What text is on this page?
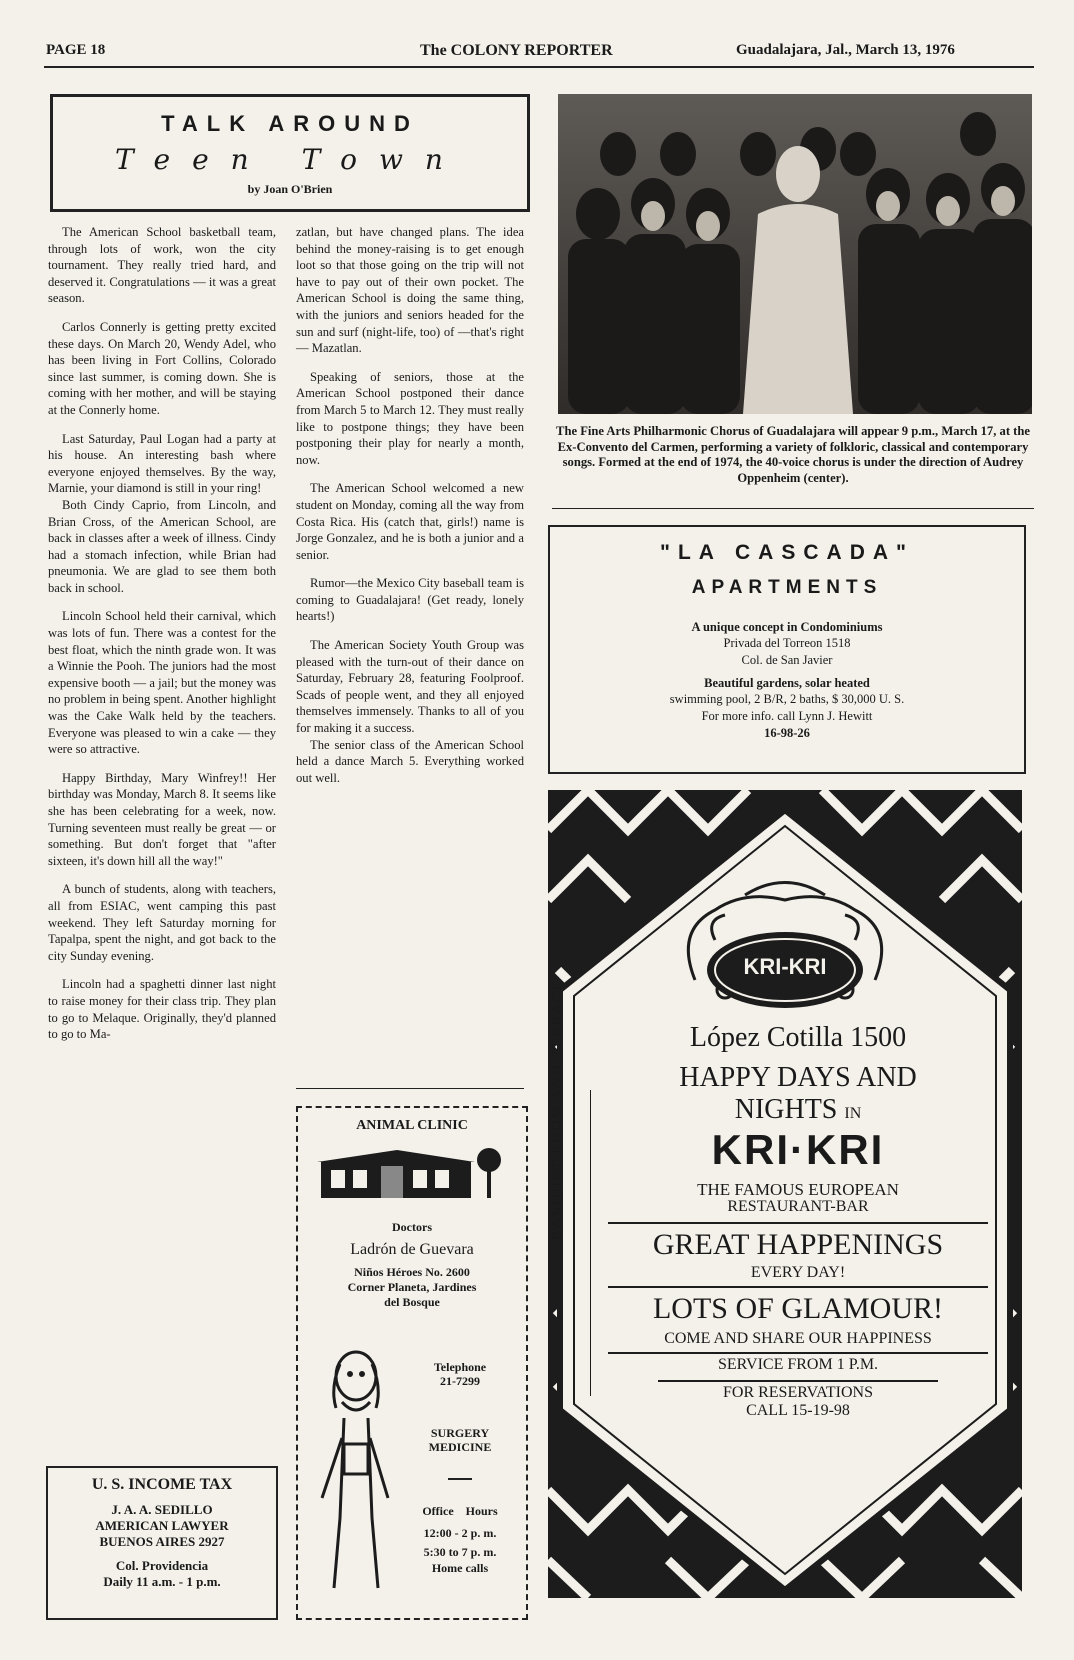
PAGE 18	The COLONY REPORTER	Guadalajara, Jal., March 13, 1976
TALK AROUND
Teen Town
by Joan O'Brien

The American School basketball team, through lots of work, won the city tournament. They really tried hard, and deserved it. Congratulations — it was a great season.

Carlos Connerly is getting pretty excited these days. On March 20, Wendy Adel, who has been living in Fort Collins, Colorado since last summer, is coming down. She is coming with her mother, and will be staying at the Connerly home.

Last Saturday, Paul Logan had a party at his house. An interesting bash where everyone enjoyed themselves. By the way, Marnie, your diamond is still in your ring!

Both Cindy Caprio, from Lincoln, and Brian Cross, of the American School, are back in classes after a week of illness. Cindy had a stomach infection, while Brian had pneumonia. We are glad to see them both back in school.

Lincoln School held their carnival, which was lots of fun. There was a contest for the best float, which the ninth grade won. It was a Winnie the Pooh. The juniors had the most expensive booth — a jail; but the money was no problem in being spent. Another highlight was the Cake Walk held by the teachers. Everyone was pleased to win a cake — they were so attractive.

Happy Birthday, Mary Winfrey!! Her birthday was Monday, March 8. It seems like she has been celebrating for a week, now. Turning seventeen must really be great — or something. But don't forget that "after sixteen, it's down hill all the way!"

A bunch of students, along with teachers, all from ESIAC, went camping this past weekend. They left Saturday morning for Tapalpa, spent the night, and got back to the city Sunday evening.

Lincoln had a spaghetti dinner last night to raise money for their class trip. They plan to go to Melaque. Originally, they'd planned to go to Ma-

zatlan, but have changed plans. The idea behind the money-raising is to get enough loot so that those going on the trip will not have to pay out of their own pocket. The American School is doing the same thing, with the juniors and seniors headed for the sun and surf (night-life, too) of —that's right — Mazatlan.

Speaking of seniors, those at the American School postponed their dance from March 5 to March 12. They must really like to postpone things; they have been postponing their play for nearly a month, now.

The American School welcomed a new student on Monday, coming all the way from Costa Rica. His (catch that, girls!) name is Jorge Gonzalez, and he is both a junior and a senior.

Rumor—the Mexico City baseball team is coming to Guadalajara! (Get ready, lonely hearts!)

The American Society Youth Group was pleased with the turn-out of their dance on Saturday, February 28, featuring Foolproof. Scads of people went, and they all enjoyed themselves immensely. Thanks to all of you for making it a success.

The senior class of the American School held a dance March 5. Everything worked out well.

The Fine Arts Philharmonic Chorus of Guadalajara will appear 9 p.m., March 17, at the Ex-Convento del Carmen, performing a variety of folkloric, classical and contemporary songs. Formed at the end of 1974, the 40-voice chorus is under the direction of Audrey Oppenheim (center).
"LA CASCADA"
APARTMENTS
A unique concept in Condominiums
Privada del Torreon 1518
Col. de San Javier
Beautiful gardens, solar heated
swimming pool, 2 B/R, 2 baths, $ 30,000 U. S.
For more info. call Lynn J. Hewitt
16-98-26
KRI-KRI
BANQUET ROOM AND TERRACE	López Cotilla 1500
HAPPY DAYS AND
NIGHTS IN
KRI·KRI
THE FAMOUS EUROPEAN
RESTAURANT-BAR
GREAT HAPPENINGS
EVERY DAY!
LOTS OF GLAMOUR!
COME AND SHARE OUR HAPPINESS
SERVICE FROM 1 P.M.
FOR RESERVATIONS
CALL 15-19-98
U. S. INCOME TAX
J. A. A. SEDILLO
AMERICAN LAWYER
BUENOS AIRES 2927
Col. Providencia
Daily 11 a.m. - 1 p.m.
ANIMAL CLINIC
Doctors
Ladrón de Guevara
Niños Héroes No. 2600
Corner Planeta, Jardines
del Bosque
Telephone
21-7299
SURGERY
MEDICINE
Office Hours
12:00 - 2 p. m.
5:30 to 7 p. m.
Home calls
